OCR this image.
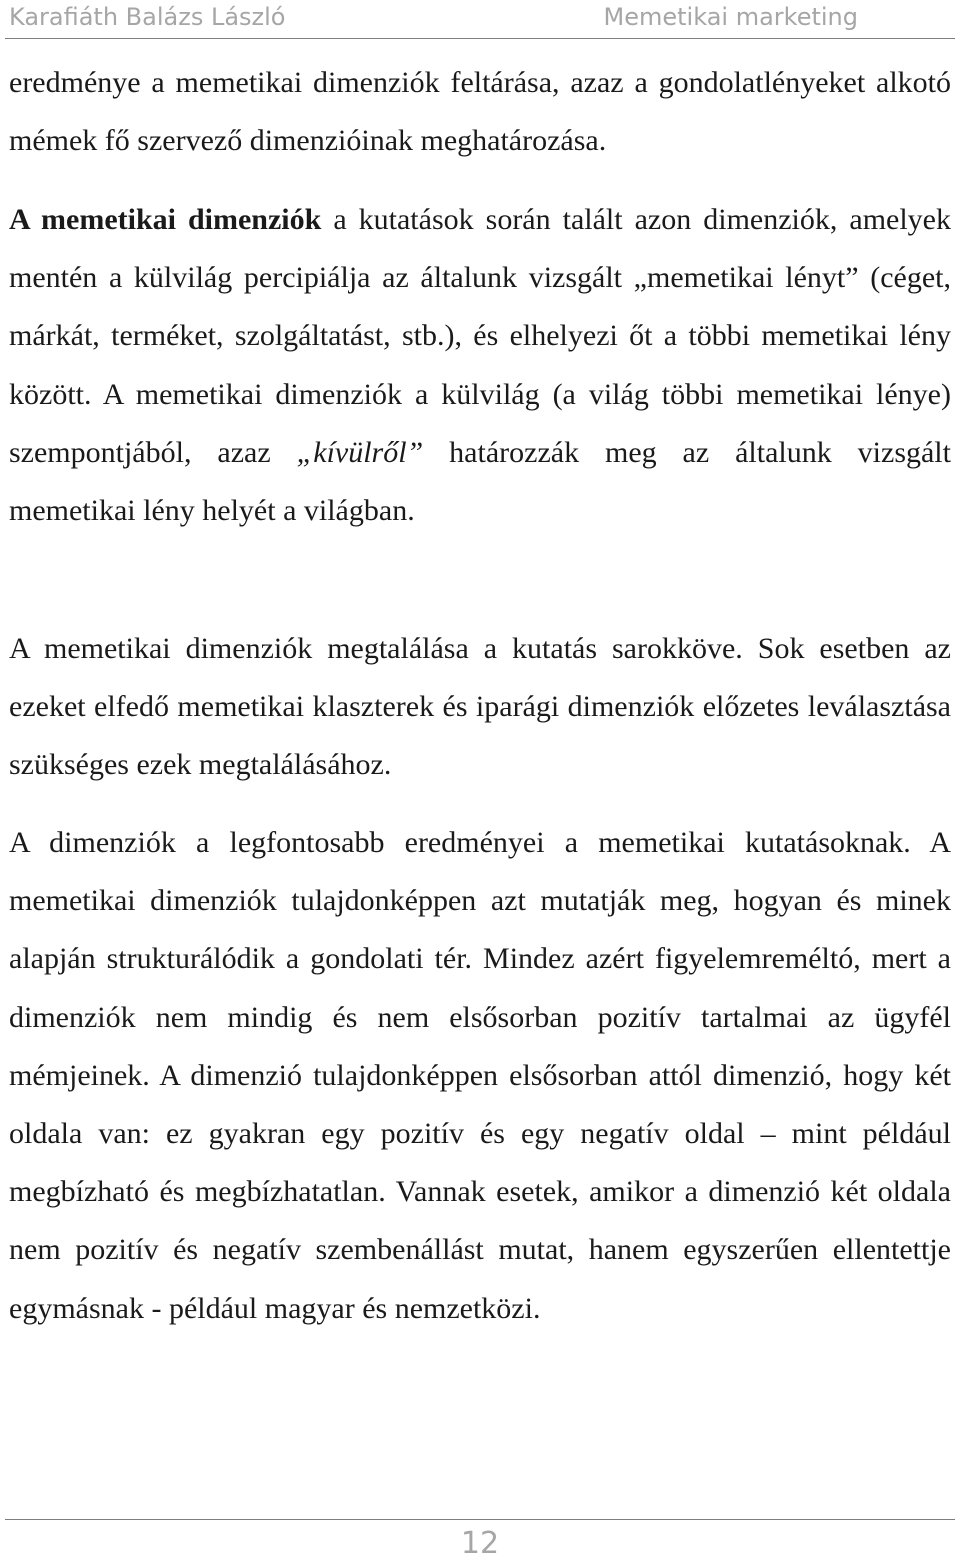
Karafiáth Balázs László	Memetikai marketing

eredménye a memetikai dimenziók feltárása, azaz a gondolatlényeket alkotó mémek fő szervező dimenzióinak meghatározása.

A memetikai dimenziók a kutatások során talált azon dimenziók, amelyek mentén a külvilág percipiálja az általunk vizsgált „memetikai lényt” (céget, márkát, terméket, szolgáltatást, stb.), és elhelyezi őt a többi memetikai lény között. A memetikai dimenziók a külvilág (a világ többi memetikai lénye) szempontjából, azaz „kívülről” határozzák meg az általunk vizsgált memetikai lény helyét a világban.

A memetikai dimenziók megtalálása a kutatás sarokköve. Sok esetben az ezeket elfedő memetikai klaszterek és iparági dimenziók előzetes leválasztása szükséges ezek megtalálásához.

A dimenziók a legfontosabb eredményei a memetikai kutatásoknak. A memetikai dimenziók tulajdonképpen azt mutatják meg, hogyan és minek alapján strukturálódik a gondolati tér. Mindez azért figyelemreméltó, mert a dimenziók nem mindig és nem elsősorban pozitív tartalmai az ügyfél mémjeinek. A dimenzió tulajdonképpen elsősorban attól dimenzió, hogy két oldala van: ez gyakran egy pozitív és egy negatív oldal – mint például megbízható és megbízhatatlan. Vannak esetek, amikor a dimenzió két oldala nem pozitív és negatív szembenállást mutat, hanem egyszerűen ellentettje egymásnak - például magyar és nemzetközi.

12
